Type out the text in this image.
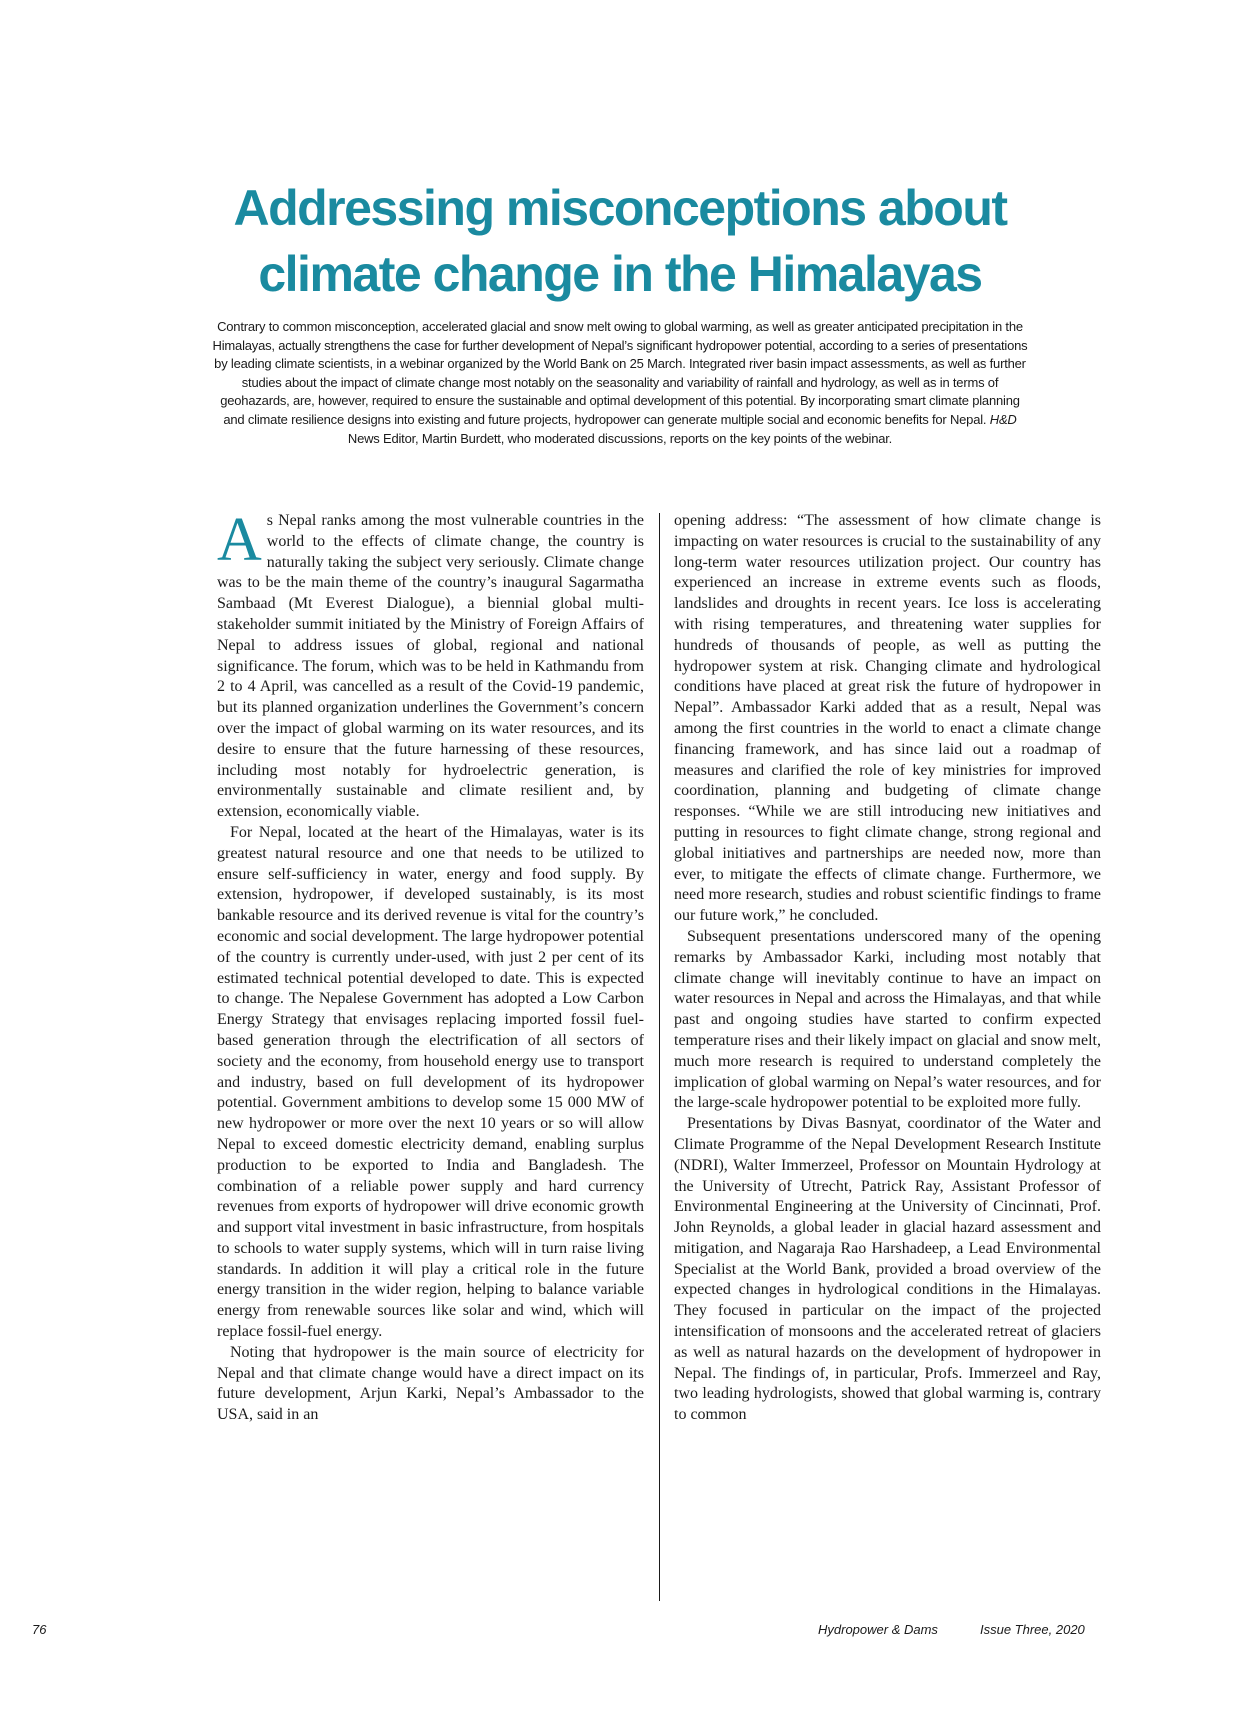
Addressing misconceptions about
climate change in the Himalayas

Contrary to common misconception, accelerated glacial and snow melt owing to global warming, as well as greater anticipated precipitation in the Himalayas, actually strengthens the case for further development of Nepal’s significant hydropower potential, according to a series of presentations by leading climate scientists, in a webinar organized by the World Bank on 25 March. Integrated river basin impact assessments, as well as further studies about the impact of climate change most notably on the seasonality and variability of rainfall and hydrology, as well as in terms of geohazards, are, however, required to ensure the sustainable and optimal development of this potential. By incorporating smart climate planning and climate resilience designs into existing and future projects, hydropower can generate multiple social and economic benefits for Nepal. H&D News Editor, Martin Burdett, who moderated discussions, reports on the key points of the webinar.

As Nepal ranks among the most vulnerable countries in the world to the effects of climate change, the country is naturally taking the subject very seriously. Climate change was to be the main theme of the country’s inaugural Sagarmatha Sambaad (Mt Everest Dialogue), a biennial global multi-stakeholder summit initiated by the Ministry of Foreign Affairs of Nepal to address issues of global, regional and national significance. The forum, which was to be held in Kathmandu from 2 to 4 April, was cancelled as a result of the Covid-19 pandemic, but its planned organization underlines the Government’s concern over the impact of global warming on its water resources, and its desire to ensure that the future harnessing of these resources, including most notably for hydroelectric generation, is environmentally sustainable and climate resilient and, by extension, economically viable.

For Nepal, located at the heart of the Himalayas, water is its greatest natural resource and one that needs to be utilized to ensure self-sufficiency in water, energy and food supply. By extension, hydropower, if developed sustainably, is its most bankable resource and its derived revenue is vital for the country’s economic and social development. The large hydropower potential of the country is currently under-used, with just 2 per cent of its estimated technical potential developed to date. This is expected to change. The Nepalese Government has adopted a Low Carbon Energy Strategy that envisages replacing imported fossil fuel-based generation through the electrification of all sectors of society and the economy, from household energy use to transport and industry, based on full development of its hydropower potential. Government ambitions to develop some 15 000 MW of new hydropower or more over the next 10 years or so will allow Nepal to exceed domestic electricity demand, enabling surplus production to be exported to India and Bangladesh. The combination of a reliable power supply and hard currency revenues from exports of hydropower will drive economic growth and support vital investment in basic infrastructure, from hospitals to schools to water supply systems, which will in turn raise living standards. In addition it will play a critical role in the future energy transition in the wider region, helping to balance variable energy from renewable sources like solar and wind, which will replace fossil-fuel energy.

Noting that hydropower is the main source of electricity for Nepal and that climate change would have a direct impact on its future development, Arjun Karki, Nepal’s Ambassador to the USA, said in an

opening address: “The assessment of how climate change is impacting on water resources is crucial to the sustainability of any long-term water resources utilization project. Our country has experienced an increase in extreme events such as floods, landslides and droughts in recent years. Ice loss is accelerating with rising temperatures, and threatening water supplies for hundreds of thousands of people, as well as putting the hydropower system at risk. Changing climate and hydrological conditions have placed at great risk the future of hydropower in Nepal”. Ambassador Karki added that as a result, Nepal was among the first countries in the world to enact a climate change financing framework, and has since laid out a roadmap of measures and clarified the role of key ministries for improved coordination, planning and budgeting of climate change responses. “While we are still introducing new initiatives and putting in resources to fight climate change, strong regional and global initiatives and partnerships are needed now, more than ever, to mitigate the effects of climate change. Furthermore, we need more research, studies and robust scientific findings to frame our future work,” he concluded.

Subsequent presentations underscored many of the opening remarks by Ambassador Karki, including most notably that climate change will inevitably continue to have an impact on water resources in Nepal and across the Himalayas, and that while past and ongoing studies have started to confirm expected temperature rises and their likely impact on glacial and snow melt, much more research is required to understand completely the implication of global warming on Nepal’s water resources, and for the large-scale hydropower potential to be exploited more fully.

Presentations by Divas Basnyat, coordinator of the Water and Climate Programme of the Nepal Development Research Institute (NDRI), Walter Immerzeel, Professor on Mountain Hydrology at the University of Utrecht, Patrick Ray, Assistant Professor of Environmental Engineering at the University of Cincinnati, Prof. John Reynolds, a global leader in glacial hazard assessment and mitigation, and Nagaraja Rao Harshadeep, a Lead Environmental Specialist at the World Bank, provided a broad overview of the expected changes in hydrological conditions in the Himalayas. They focused in particular on the impact of the projected intensification of monsoons and the accelerated retreat of glaciers as well as natural hazards on the development of hydropower in Nepal. The findings of, in particular, Profs. Immerzeel and Ray, two leading hydrologists, showed that global warming is, contrary to common

76	Hydropower & Dams	Issue Three, 2020
